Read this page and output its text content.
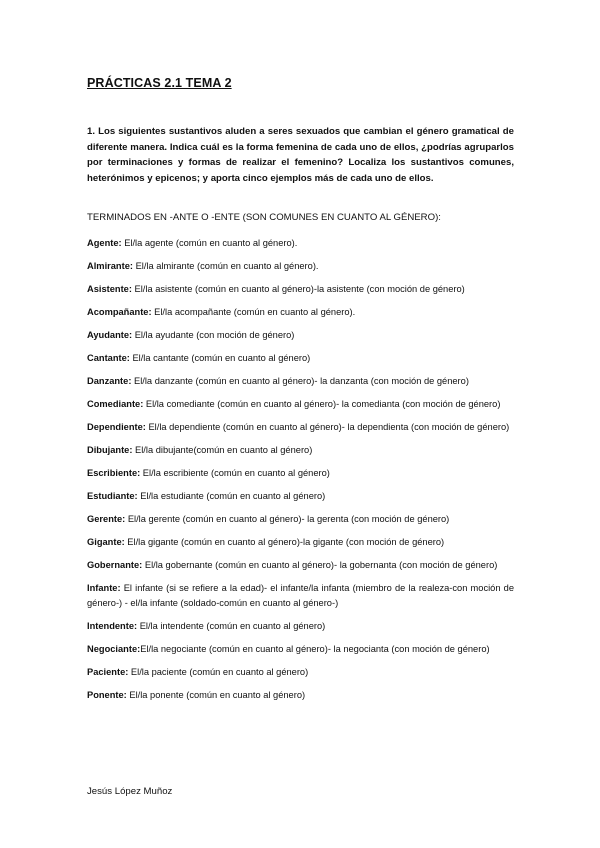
PRÁCTICAS 2.1 TEMA 2
1. Los siguientes sustantivos aluden a seres sexuados que cambian el género gramatical de diferente manera. Indica cuál es la forma femenina de cada uno de ellos, ¿podrías agruparlos por terminaciones y formas de realizar el femenino? Localiza los sustantivos comunes, heterónimos y epicenos; y aporta cinco ejemplos más de cada uno de ellos.
TERMINADOS EN -ANTE O -ENTE (SON COMUNES EN CUANTO AL GÉNERO):
Agente: El/la agente (común en cuanto al género).
Almirante: El/la almirante (común en cuanto al género).
Asistente: El/la asistente (común en cuanto al género)-la asistente (con moción de género)
Acompañante: El/la acompañante (común en cuanto al género).
Ayudante: El/la ayudante (con moción de género)
Cantante: El/la cantante (común en cuanto al género)
Danzante: El/la danzante (común en cuanto al género)- la danzanta (con moción de género)
Comediante: El/la comediante (común en cuanto al género)- la comedianta (con moción de género)
Dependiente: El/la dependiente (común en cuanto al género)- la dependienta (con moción de género)
Dibujante: El/la dibujante(común en cuanto al género)
Escribiente: El/la escribiente (común en cuanto al género)
Estudiante: El/la estudiante (común en cuanto al género)
Gerente: El/la gerente (común en cuanto al género)- la gerenta (con moción de género)
Gigante: El/la gigante (común en cuanto al género)-la gigante (con moción de género)
Gobernante: El/la gobernante (común en cuanto al género)- la gobernanta (con moción de género)
Infante: El infante (si se refiere a la edad)- el infante/la infanta (miembro de la realeza-con moción de género-) - el/la infante (soldado-común en cuanto al género-)
Intendente: El/la intendente (común en cuanto al género)
Negociante:El/la negociante (común en cuanto al género)- la negocianta (con moción de género)
Paciente: El/la paciente (común en cuanto al género)
Ponente: El/la ponente (común en cuanto al género)
Jesús López Muñoz
